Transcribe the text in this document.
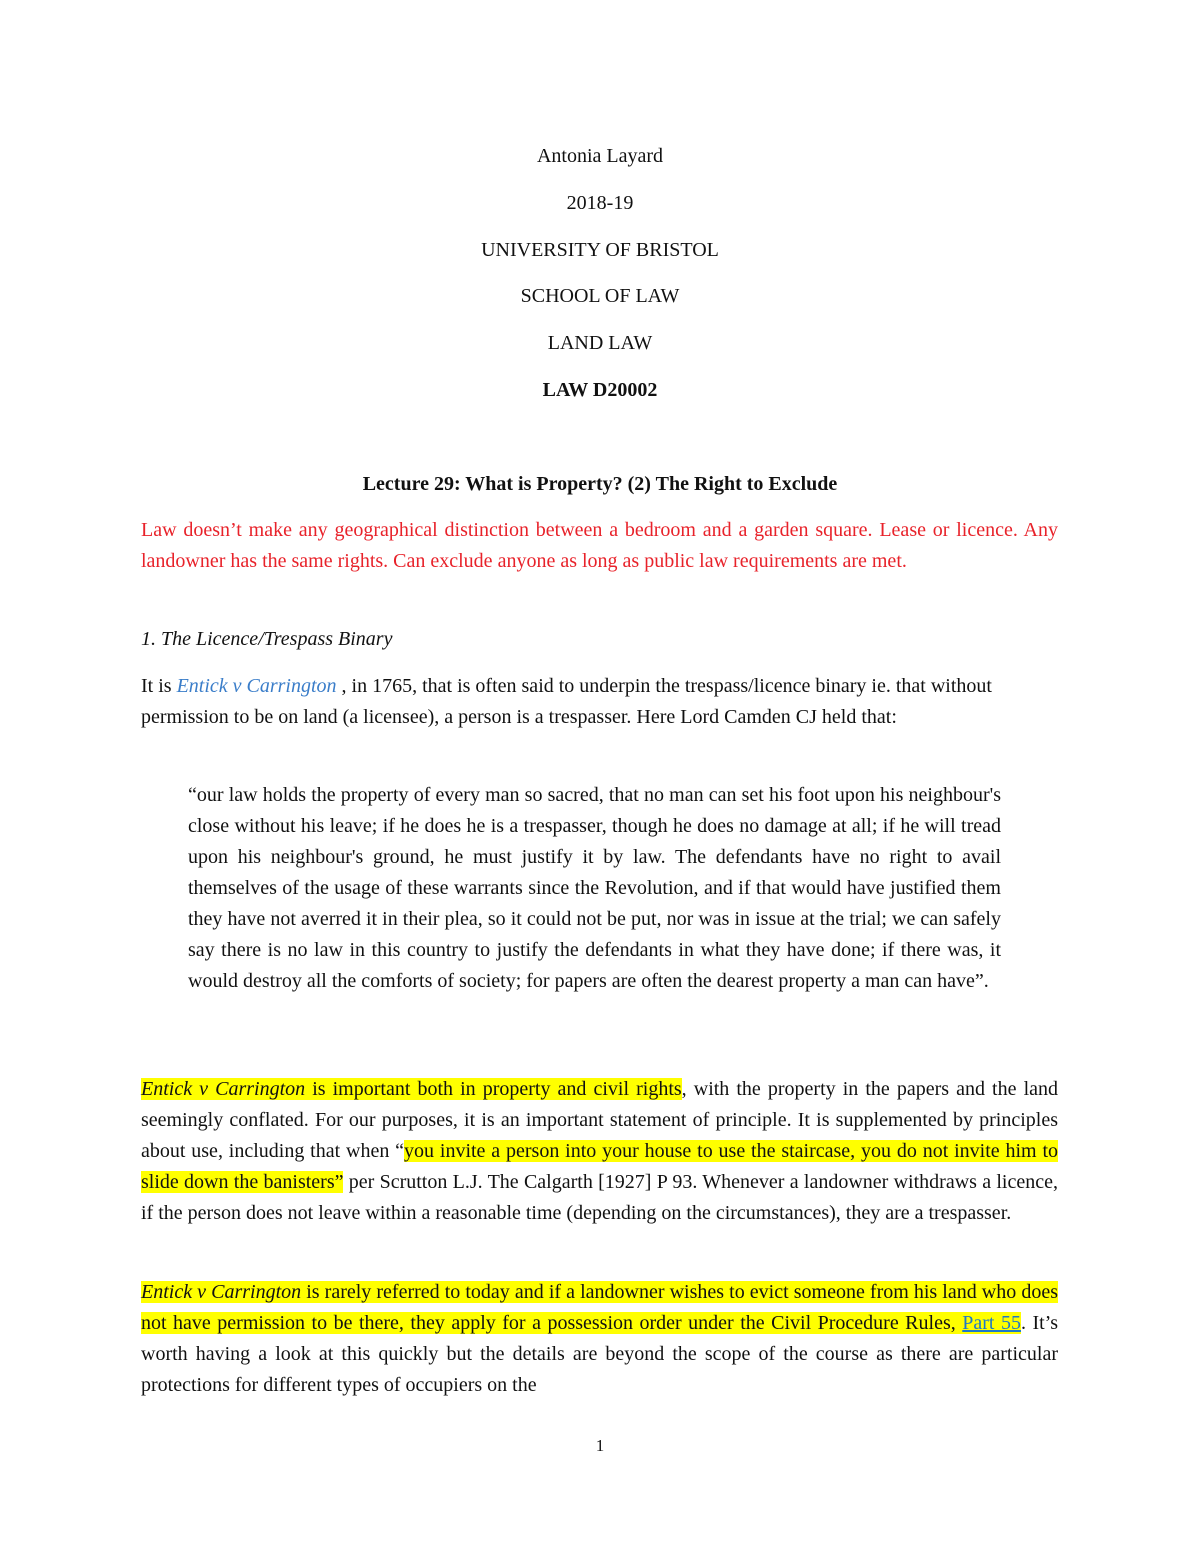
Antonia Layard
2018-19
UNIVERSITY OF BRISTOL
SCHOOL OF LAW
LAND LAW
LAW D20002
Lecture 29: What is Property? (2) The Right to Exclude
Law doesn’t make any geographical distinction between a bedroom and a garden square. Lease or licence. Any landowner has the same rights. Can exclude anyone as long as public law requirements are met.
1. The Licence/Trespass Binary
It is Entick v Carrington , in 1765, that is often said to underpin the trespass/licence binary ie. that without permission to be on land (a licensee), a person is a trespasser. Here Lord Camden CJ held that:
“our law holds the property of every man so sacred, that no man can set his foot upon his neighbour's close without his leave; if he does he is a trespasser, though he does no damage at all; if he will tread upon his neighbour's ground, he must justify it by law. The defendants have no right to avail themselves of the usage of these warrants since the Revolution, and if that would have justified them they have not averred it in their plea, so it could not be put, nor was in issue at the trial; we can safely say there is no law in this country to justify the defendants in what they have done; if there was, it would destroy all the comforts of society; for papers are often the dearest property a man can have”.
Entick v Carrington is important both in property and civil rights, with the property in the papers and the land seemingly conflated. For our purposes, it is an important statement of principle. It is supplemented by principles about use, including that when “you invite a person into your house to use the staircase, you do not invite him to slide down the banisters” per Scrutton L.J. The Calgarth [1927] P 93. Whenever a landowner withdraws a licence, if the person does not leave within a reasonable time (depending on the circumstances), they are a trespasser.
Entick v Carrington is rarely referred to today and if a landowner wishes to evict someone from his land who does not have permission to be there, they apply for a possession order under the Civil Procedure Rules, Part 55. It’s worth having a look at this quickly but the details are beyond the scope of the course as there are particular protections for different types of occupiers on the
1
